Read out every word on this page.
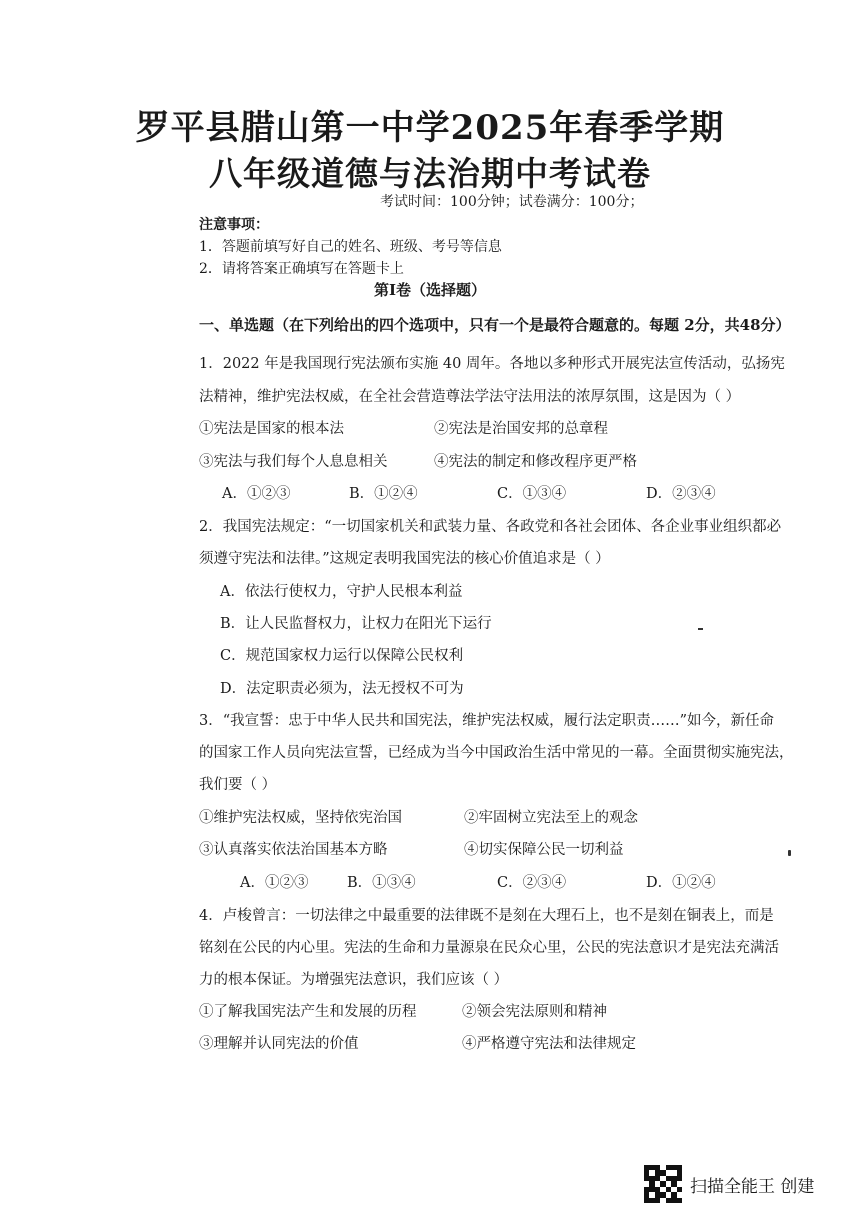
罗平县腊山第一中学2025年春季学期
八年级道德与法治期中考试卷
考试时间：100分钟；试卷满分：100分；
注意事项：
1．答题前填写好自己的姓名、班级、考号等信息
2．请将答案正确填写在答题卡上
第Ⅰ卷（选择题）
一、单选题（在下列给出的四个选项中，只有一个是最符合题意的。每题 2分，共48分）
1．2022 年是我国现行宪法颁布实施 40 周年。各地以多种形式开展宪法宣传活动，弘扬宪
法精神，维护宪法权威，在全社会营造尊法学法守法用法的浓厚氛围，这是因为（ ）
①宪法是国家的根本法	②宪法是治国安邦的总章程
③宪法与我们每个人息息相关	④宪法的制定和修改程序更严格
A．①②③	B．①②④	C．①③④	D．②③④
2．我国宪法规定：“一切国家机关和武装力量、各政党和各社会团体、各企业事业组织都必
须遵守宪法和法律。”这规定表明我国宪法的核心价值追求是（ ）
A．依法行使权力，守护人民根本利益
B．让人民监督权力，让权力在阳光下运行
C．规范国家权力运行以保障公民权利
D．法定职责必须为，法无授权不可为
3．“我宣誓：忠于中华人民共和国宪法，维护宪法权威，履行法定职责……”如今，新任命
的国家工作人员向宪法宣誓，已经成为当今中国政治生活中常见的一幕。全面贯彻实施宪法，
我们要（ ）
①维护宪法权威，坚持依宪治国	②牢固树立宪法至上的观念
③认真落实依法治国基本方略	④切实保障公民一切利益
A．①②③	B．①③④	C．②③④	D．①②④
4．卢梭曾言：一切法律之中最重要的法律既不是刻在大理石上，也不是刻在铜表上，而是
铭刻在公民的内心里。宪法的生命和力量源泉在民众心里，公民的宪法意识才是宪法充满活
力的根本保证。为增强宪法意识，我们应该（ ）
①了解我国宪法产生和发展的历程	②领会宪法原则和精神
③理解并认同宪法的价值	④严格遵守宪法和法律规定
扫描全能王 创建
